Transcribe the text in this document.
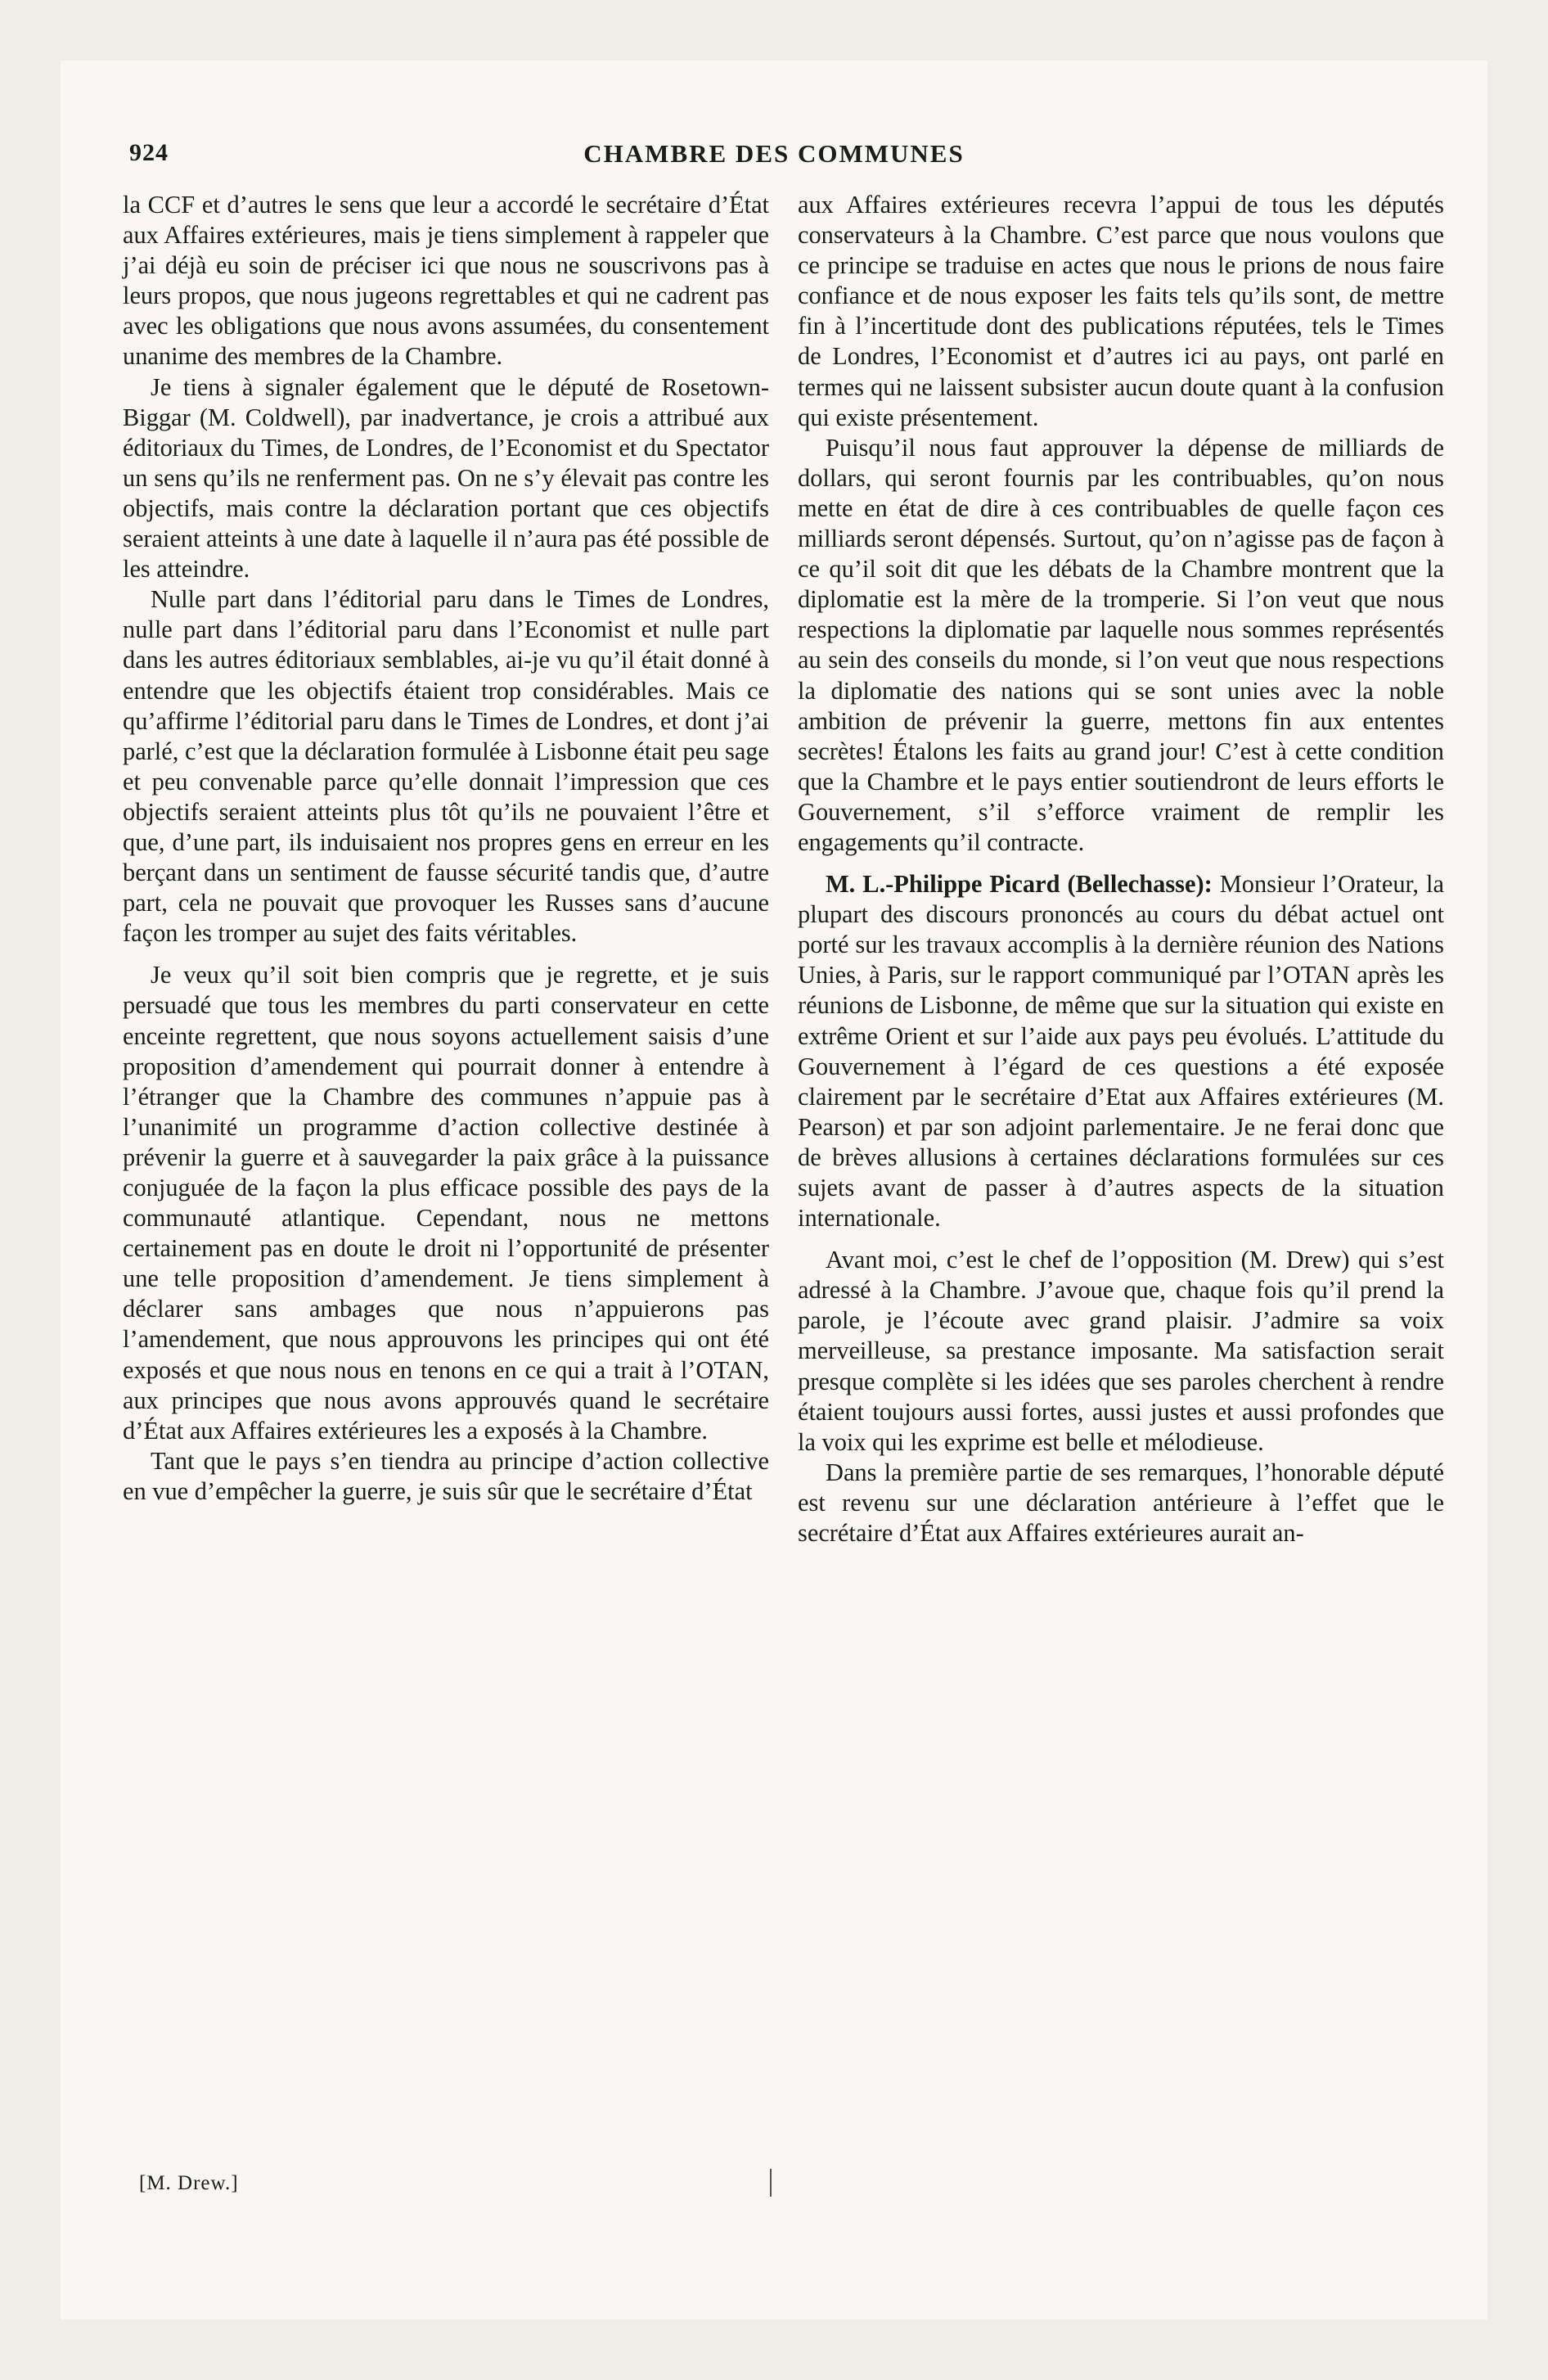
924	CHAMBRE DES COMMUNES

la CCF et d’autres le sens que leur a accordé le secrétaire d’État aux Affaires extérieures, mais je tiens simplement à rappeler que j’ai déjà eu soin de préciser ici que nous ne souscrivons pas à leurs propos, que nous jugeons regrettables et qui ne cadrent pas avec les obligations que nous avons assumées, du consentement unanime des membres de la Chambre.

Je tiens à signaler également que le député de Rosetown-Biggar (M. Coldwell), par inadvertance, je crois a attribué aux éditoriaux du Times, de Londres, de l’Economist et du Spectator un sens qu’ils ne renferment pas. On ne s’y élevait pas contre les objectifs, mais contre la déclaration portant que ces objectifs seraient atteints à une date à laquelle il n’aura pas été possible de les atteindre.

Nulle part dans l’éditorial paru dans le Times de Londres, nulle part dans l’éditorial paru dans l’Economist et nulle part dans les autres éditoriaux semblables, ai-je vu qu’il était donné à entendre que les objectifs étaient trop considérables. Mais ce qu’affirme l’éditorial paru dans le Times de Londres, et dont j’ai parlé, c’est que la déclaration formulée à Lisbonne était peu sage et peu convenable parce qu’elle donnait l’impression que ces objectifs seraient atteints plus tôt qu’ils ne pouvaient l’être et que, d’une part, ils induisaient nos propres gens en erreur en les berçant dans un sentiment de fausse sécurité tandis que, d’autre part, cela ne pouvait que provoquer les Russes sans d’aucune façon les tromper au sujet des faits véritables.

Je veux qu’il soit bien compris que je regrette, et je suis persuadé que tous les membres du parti conservateur en cette enceinte regrettent, que nous soyons actuellement saisis d’une proposition d’amendement qui pourrait donner à entendre à l’étranger que la Chambre des communes n’appuie pas à l’unanimité un programme d’action collective destinée à prévenir la guerre et à sauvegarder la paix grâce à la puissance conjuguée de la façon la plus efficace possible des pays de la communauté atlantique. Cependant, nous ne mettons certainement pas en doute le droit ni l’opportunité de présenter une telle proposition d’amendement. Je tiens simplement à déclarer sans ambages que nous n’appuierons pas l’amendement, que nous approuvons les principes qui ont été exposés et que nous nous en tenons en ce qui a trait à l’OTAN, aux principes que nous avons approuvés quand le secrétaire d’État aux Affaires extérieures les a exposés à la Chambre.

Tant que le pays s’en tiendra au principe d’action collective en vue d’empêcher la guerre, je suis sûr que le secrétaire d’État

aux Affaires extérieures recevra l’appui de tous les députés conservateurs à la Chambre. C’est parce que nous voulons que ce principe se traduise en actes que nous le prions de nous faire confiance et de nous exposer les faits tels qu’ils sont, de mettre fin à l’incertitude dont des publications réputées, tels le Times de Londres, l’Economist et d’autres ici au pays, ont parlé en termes qui ne laissent subsister aucun doute quant à la confusion qui existe présentement.

Puisqu’il nous faut approuver la dépense de milliards de dollars, qui seront fournis par les contribuables, qu’on nous mette en état de dire à ces contribuables de quelle façon ces milliards seront dépensés. Surtout, qu’on n’agisse pas de façon à ce qu’il soit dit que les débats de la Chambre montrent que la diplomatie est la mère de la tromperie. Si l’on veut que nous respections la diplomatie par laquelle nous sommes représentés au sein des conseils du monde, si l’on veut que nous respections la diplomatie des nations qui se sont unies avec la noble ambition de prévenir la guerre, mettons fin aux ententes secrètes! Étalons les faits au grand jour! C’est à cette condition que la Chambre et le pays entier soutiendront de leurs efforts le Gouvernement, s’il s’efforce vraiment de remplir les engagements qu’il contracte.

M. L.-Philippe Picard (Bellechasse): Monsieur l’Orateur, la plupart des discours prononcés au cours du débat actuel ont porté sur les travaux accomplis à la dernière réunion des Nations Unies, à Paris, sur le rapport communiqué par l’OTAN après les réunions de Lisbonne, de même que sur la situation qui existe en extrême Orient et sur l’aide aux pays peu évolués. L’attitude du Gouvernement à l’égard de ces questions a été exposée clairement par le secrétaire d’Etat aux Affaires extérieures (M. Pearson) et par son adjoint parlementaire. Je ne ferai donc que de brèves allusions à certaines déclarations formulées sur ces sujets avant de passer à d’autres aspects de la situation internationale.

Avant moi, c’est le chef de l’opposition (M. Drew) qui s’est adressé à la Chambre. J’avoue que, chaque fois qu’il prend la parole, je l’écoute avec grand plaisir. J’admire sa voix merveilleuse, sa prestance imposante. Ma satisfaction serait presque complète si les idées que ses paroles cherchent à rendre étaient toujours aussi fortes, aussi justes et aussi profondes que la voix qui les exprime est belle et mélodieuse.

Dans la première partie de ses remarques, l’honorable député est revenu sur une déclaration antérieure à l’effet que le secrétaire d’État aux Affaires extérieures aurait an-

[M. Drew.]
